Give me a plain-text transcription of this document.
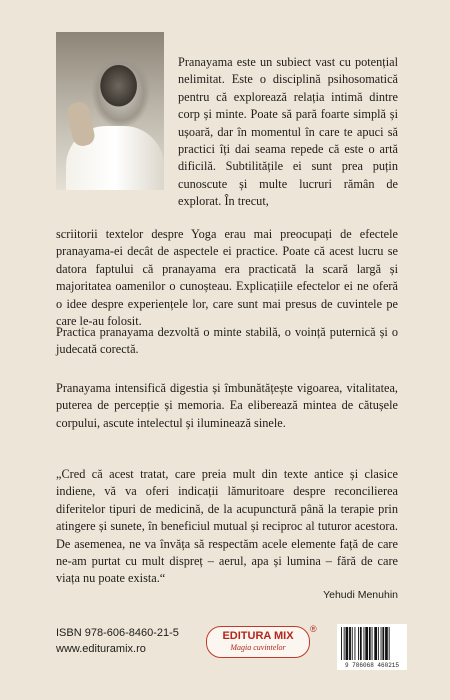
Pranayama este un subiect vast cu potențial nelimitat. Este o disciplină psihosomatică pentru că explorează relația intimă dintre corp și minte. Poate să pară foarte simplă și ușoară, dar în momentul în care te apuci să practici îți dai seama repede că este o artă dificilă. Subtilitățile ei sunt prea puțin cunoscute și multe lucruri rămân de explorat. În trecut,
scriitorii textelor despre Yoga erau mai preocupați de efectele pranayama-ei decât de aspectele ei practice. Poate că acest lucru se datora faptului că pranayama era practicată la scară largă și majoritatea oamenilor o cunoșteau. Explicațiile efectelor ei ne oferă o idee despre experiențele lor, care sunt mai presus de cuvintele pe care le-au folosit.
Practica pranayama dezvoltă o minte stabilă, o voință puternică și o judecată corectă.
Pranayama intensifică digestia și îmbunătățește vigoarea, vitalitatea, puterea de percepție și memoria. Ea eliberează mintea de cătușele corpului, ascute intelectul și iluminează sinele.
„Cred că acest tratat, care preia mult din texte antice și clasice indiene, vă va oferi indicații lămuritoare despre reconcilierea diferitelor tipuri de medicină, de la acupunctură până la terapie prin atingere și sunete, în beneficiul mutual și reciproc al tuturor acestora. De asemenea, ne va învăța să respectăm acele elemente față de care ne-am purtat cu mult dispreț – aerul, apa și lumina – fără de care viața nu poate exista.“
Yehudi Menuhin
ISBN 978-606-8460-21-5
www.edituramix.ro
EDITURA MIX
Magia cuvintelor
®
9 786068 460215
